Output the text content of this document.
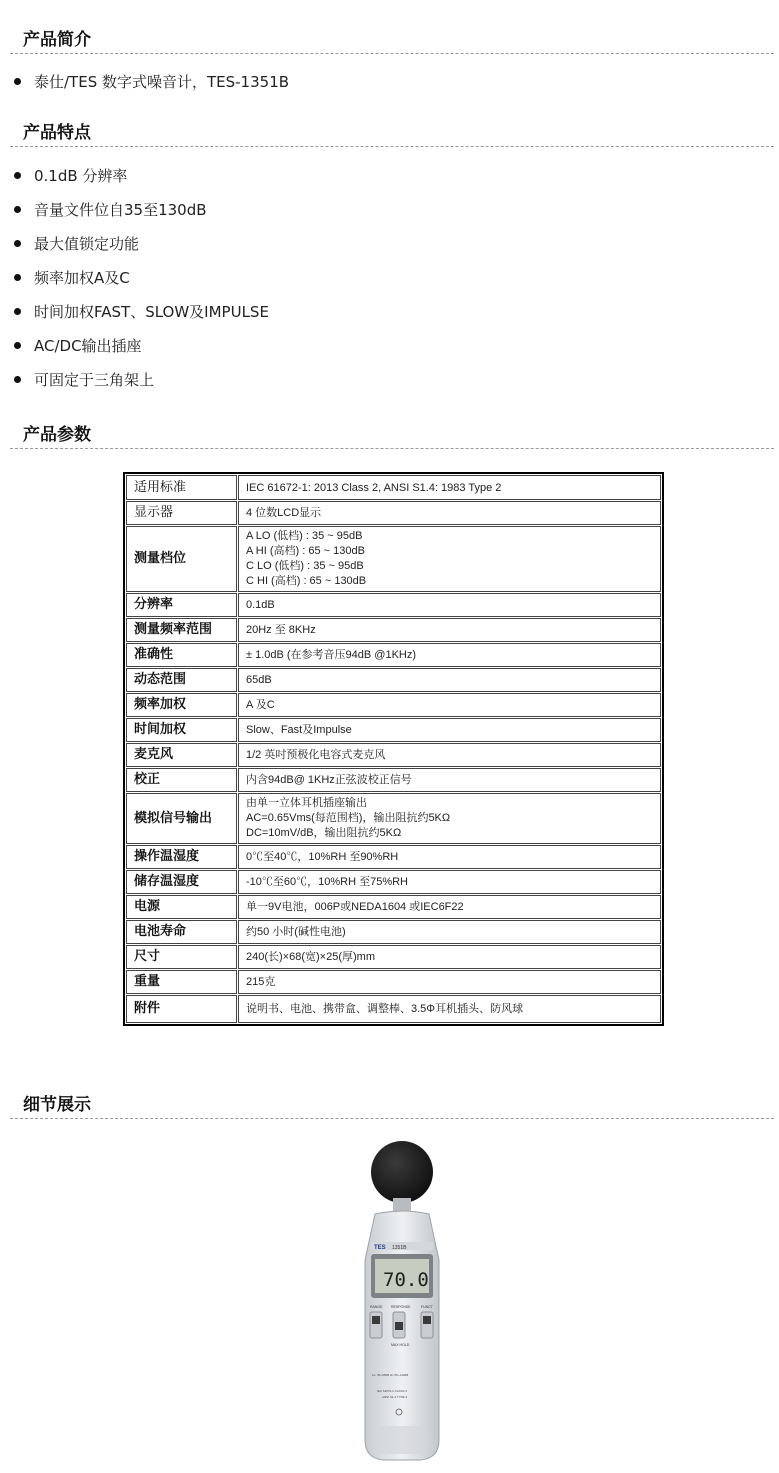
产品简介
泰仕/TES 数字式噪音计，TES-1351B
产品特点
0.1dB 分辨率
音量文件位自35至130dB
最大值锁定功能
频率加权A及C
时间加权FAST、SLOW及IMPULSE
AC/DC输出插座
可固定于三角架上
产品参数
适用标准	IEC 61672-1: 2013 Class 2, ANSI S1.4: 1983 Type 2
显示器	4 位数LCD显示
测量档位	A LO (低档) : 35 ~ 95dB
A HI (高档) : 65 ~ 130dB
C LO (低档) : 35 ~ 95dB
C HI (高档) : 65 ~ 130dB

分辨率	0.1dB
测量频率范围	20Hz 至 8KHz
准确性	± 1.0dB (在参考音压94dB @1KHz)
动态范围	65dB
频率加权	A 及C
时间加权	Slow、Fast及Impulse
麦克风	1/2 英吋预极化电容式麦克风
校正	内含94dB@ 1KHz正弦波校正信号
模拟信号输出	由单一立体耳机插座输出
AC=0.65Vms(每范围档)，输出阻抗约5KΩ
DC=10mV/dB，输出阻抗约5KΩ

操作温湿度	0℃至40℃，10%RH 至90%RH
储存温湿度	-10℃至60℃，10%RH 至75%RH
电源	单一9V电池，006P或NEDA1604 或IEC6F22
电池寿命	约50 小时(碱性电池)
尺寸	240(长)×68(宽)×25(厚)mm
重量	215克
附件	说明书、电池、携带盒、调整棒、3.5Φ耳机插头、防风球
细节展示
TES 1351B
70.0
RANGE RESPONSE	FUNCT
MAX HOLD
Lo: 35~95dB Hi: 65~130dB
IEC 61672-1 CLASS 2
ANSI S1.4 TYPE 2
